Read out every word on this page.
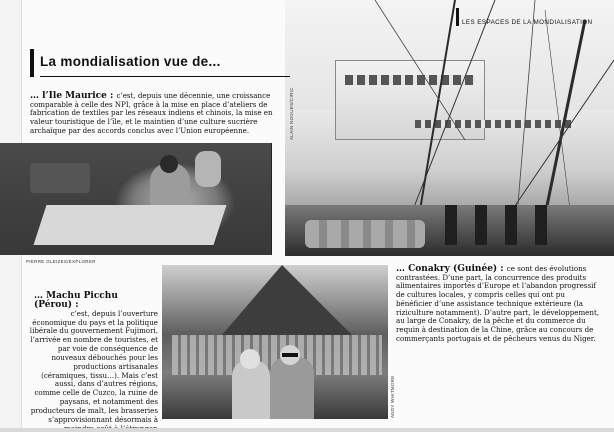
LES ESPACES DE LA MONDIALISATION
ALAIN NOGUES/CIRIC
La mondialisation vue de...
… l’Ile Maurice : c’est, depuis une décennie, une croissance comparable à celle des NPI, grâce à la mise en place d’ateliers de fabrication de textiles par les réseaux indiens et chinois, la mise en valeur touristique de l’île, et le maintien d’une culture sucrière archaïque par des accords conclus avec l’Union européenne.
PIERRE GLEIZES/EXPLORER
… Machu Picchu (Pérou) :
c’est, depuis l’ouverture économique du pays et la politique libérale du gouvernement Fujimori, l’arrivée en nombre de touristes, et par voie de conséquence de nouveaux débouchés pour les productions artisanales (céramiques, tissu…). Mais c’est aussi, dans d’autres régions, comme celle de Cuzco, la ruine de paysans, et notamment des producteurs de malt, les brasseries s’approvisionnant désormais à
ANDY WHITMORE
… Conakry (Guinée) : ce sont des évolutions contrastées. D’une part, la concurrence des produits alimentaires importés d’Europe et l’abandon progressif de cultures locales, y compris celles qui ont pu bénéficier d’une assistance technique extérieure (la riziculture notamment). D’autre part, le développement, au large de Conakry, de la pêche et du commerce du requin à destination de la Chine, grâce au concours de commerçants portugais et de pêcheurs venus du Niger.
